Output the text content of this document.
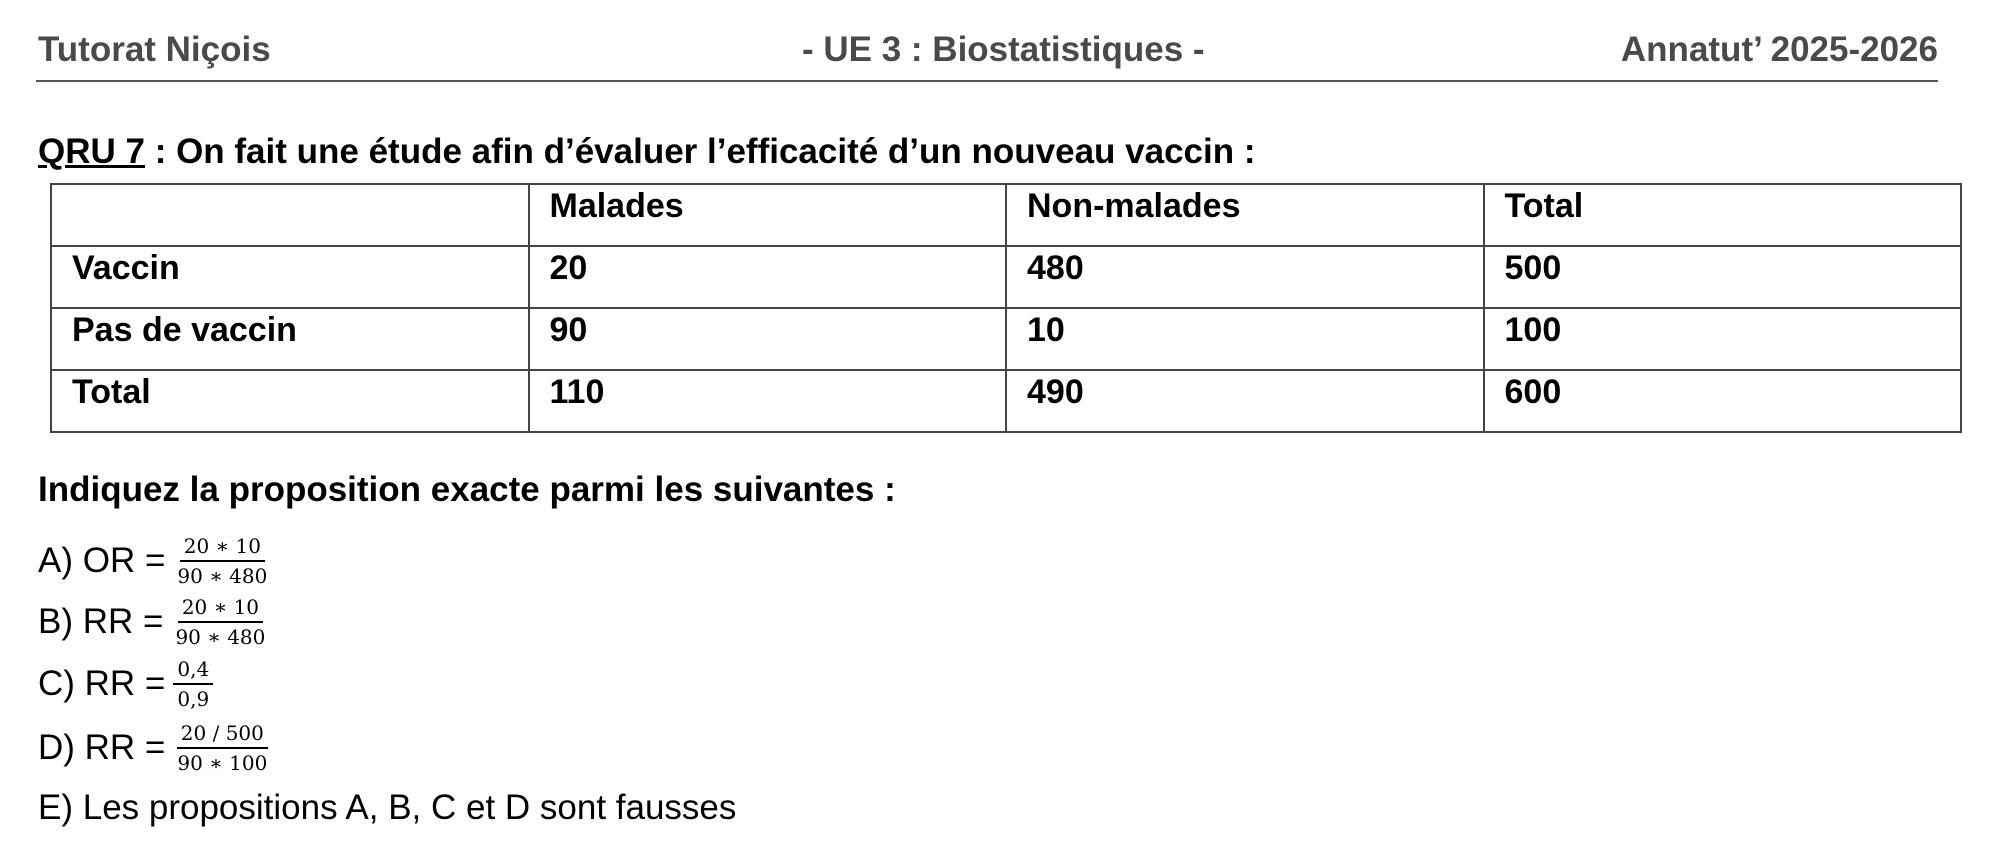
Tutorat Niçois	- UE 3 : Biostatistiques -	Annatut’ 2025-2026
QRU 7 : On fait une étude afin d’évaluer l’efficacité d’un nouveau vaccin :
	Malades	Non-malades	Total
Vaccin	20	480	500
Pas de vaccin	90	10	100
Total	110	490	600
Indiquez la proposition exacte parmi les suivantes :
A) OR = $\frac{20 ∗ 10}{90 ∗ 480}$
B) RR = $\frac{20 ∗ 10}{90 ∗ 480}$
C) RR = $\frac{0,4}{0,9}$
D) RR = $\frac{20 / 500}{90 ∗ 100}$
E) Les propositions A, B, C et D sont fausses
